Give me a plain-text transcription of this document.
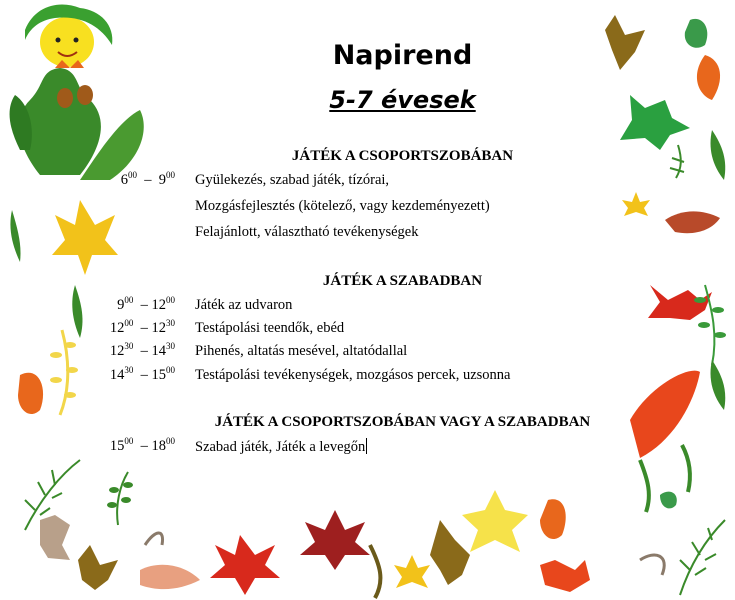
Napirend
5-7 évesek
JÁTÉK A CSOPORTSZOBÁBAN
$6^{00} - 9^{00}$ Gyülekezés, szabad játék, tízórai,
Mozgásfejlesztés (kötelező, vagy kezdeményezett)
Felajánlott, választható tevékenységek
JÁTÉK A SZABADBAN
$9^{00} - 12^{00}$ Játék az udvaron
$12^{00} - 12^{30}$ Testápolási teendők, ebéd
$12^{30} - 14^{30}$ Pihenés, altatás mesével, altatódallal
$14^{30} - 15^{00}$ Testápolási tevékenységek, mozgásos percek, uzsonna
JÁTÉK A CSOPORTSZOBÁBAN VAGY A SZABADBAN
$15^{00} - 18^{00}$ Szabad játék, Játék a levegőn
